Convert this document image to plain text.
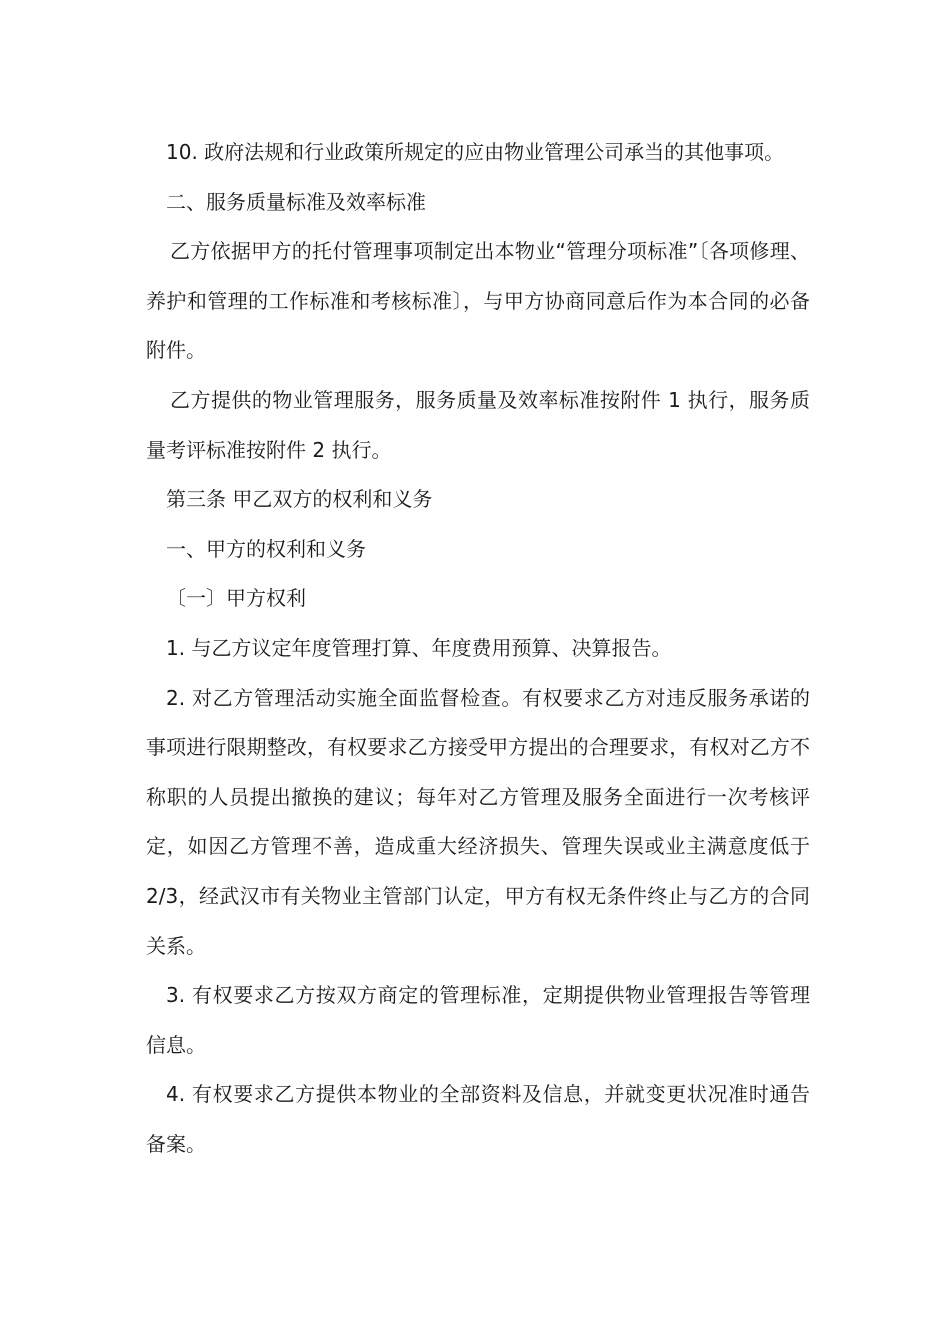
10. 政府法规和行业政策所规定的应由物业管理公司承当的其他事项。

二、服务质量标准及效率标准

乙方依据甲方的托付管理事项制定出本物业“管理分项标准”〔各项修理、养护和管理的工作标准和考核标准〕，与甲方协商同意后作为本合同的必备附件。

乙方提供的物业管理服务，服务质量及效率标准按附件 1 执行，服务质量考评标准按附件 2 执行。

第三条 甲乙双方的权利和义务

一、甲方的权利和义务

〔一〕甲方权利

1. 与乙方议定年度管理打算、年度费用预算、决算报告。

2. 对乙方管理活动实施全面监督检查。有权要求乙方对违反服务承诺的事项进行限期整改，有权要求乙方接受甲方提出的合理要求，有权对乙方不称职的人员提出撤换的建议；每年对乙方管理及服务全面进行一次考核评定，如因乙方管理不善，造成重大经济损失、管理失误或业主满意度低于 2/3，经武汉市有关物业主管部门认定，甲方有权无条件终止与乙方的合同关系。

3. 有权要求乙方按双方商定的管理标准，定期提供物业管理报告等管理信息。

4. 有权要求乙方提供本物业的全部资料及信息，并就变更状况准时通告备案。
